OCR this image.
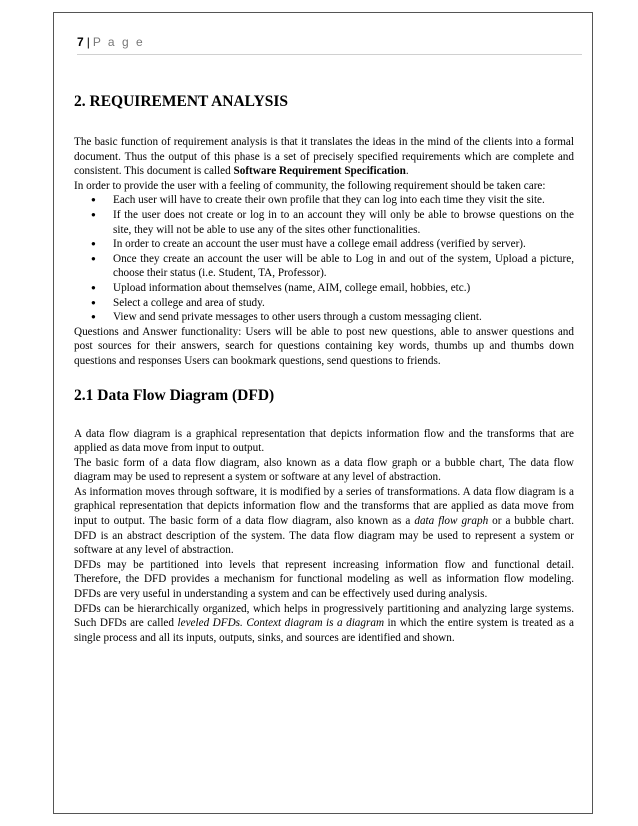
7 | P a g e
2. REQUIREMENT ANALYSIS

The basic function of requirement analysis is that it translates the ideas in the mind of the clients into a formal document. Thus the output of this phase is a set of precisely specified requirements which are complete and consistent. This document is called Software Requirement Specification.

In order to provide the user with a feeling of community, the following requirement should be taken care:

● Each user will have to create their own profile that they can log into each time they visit the site.
● If the user does not create or log in to an account they will only be able to browse questions on the site, they will not be able to use any of the sites other functionalities.
● In order to create an account the user must have a college email address (verified by server).
● Once they create an account the user will be able to Log in and out of the system, Upload a picture, choose their status (i.e. Student, TA, Professor).
● Upload information about themselves (name, AIM, college email, hobbies, etc.)
● Select a college and area of study.
● View and send private messages to other users through a custom messaging client.

Questions and Answer functionality: Users will be able to post new questions, able to answer questions and post sources for their answers, search for questions containing key words, thumbs up and thumbs down questions and responses Users can bookmark questions, send questions to friends.

2.1 Data Flow Diagram (DFD)

A data flow diagram is a graphical representation that depicts information flow and the transforms that are applied as data move from input to output.

The basic form of a data flow diagram, also known as a data flow graph or a bubble chart, The data flow diagram may be used to represent a system or software at any level of abstraction.

As information moves through software, it is modified by a series of transformations. A data flow diagram is a graphical representation that depicts information flow and the transforms that are applied as data move from input to output. The basic form of a data flow diagram, also known as a data flow graph or a bubble chart. DFD is an abstract description of the system. The data flow diagram may be used to represent a system or software at any level of abstraction.

DFDs may be partitioned into levels that represent increasing information flow and functional detail. Therefore, the DFD provides a mechanism for functional modeling as well as information flow modeling. DFDs are very useful in understanding a system and can be effectively used during analysis.

DFDs can be hierarchically organized, which helps in progressively partitioning and analyzing large systems. Such DFDs are called leveled DFDs. Context diagram is a diagram in which the entire system is treated as a single process and all its inputs, outputs, sinks, and sources are identified and shown.
